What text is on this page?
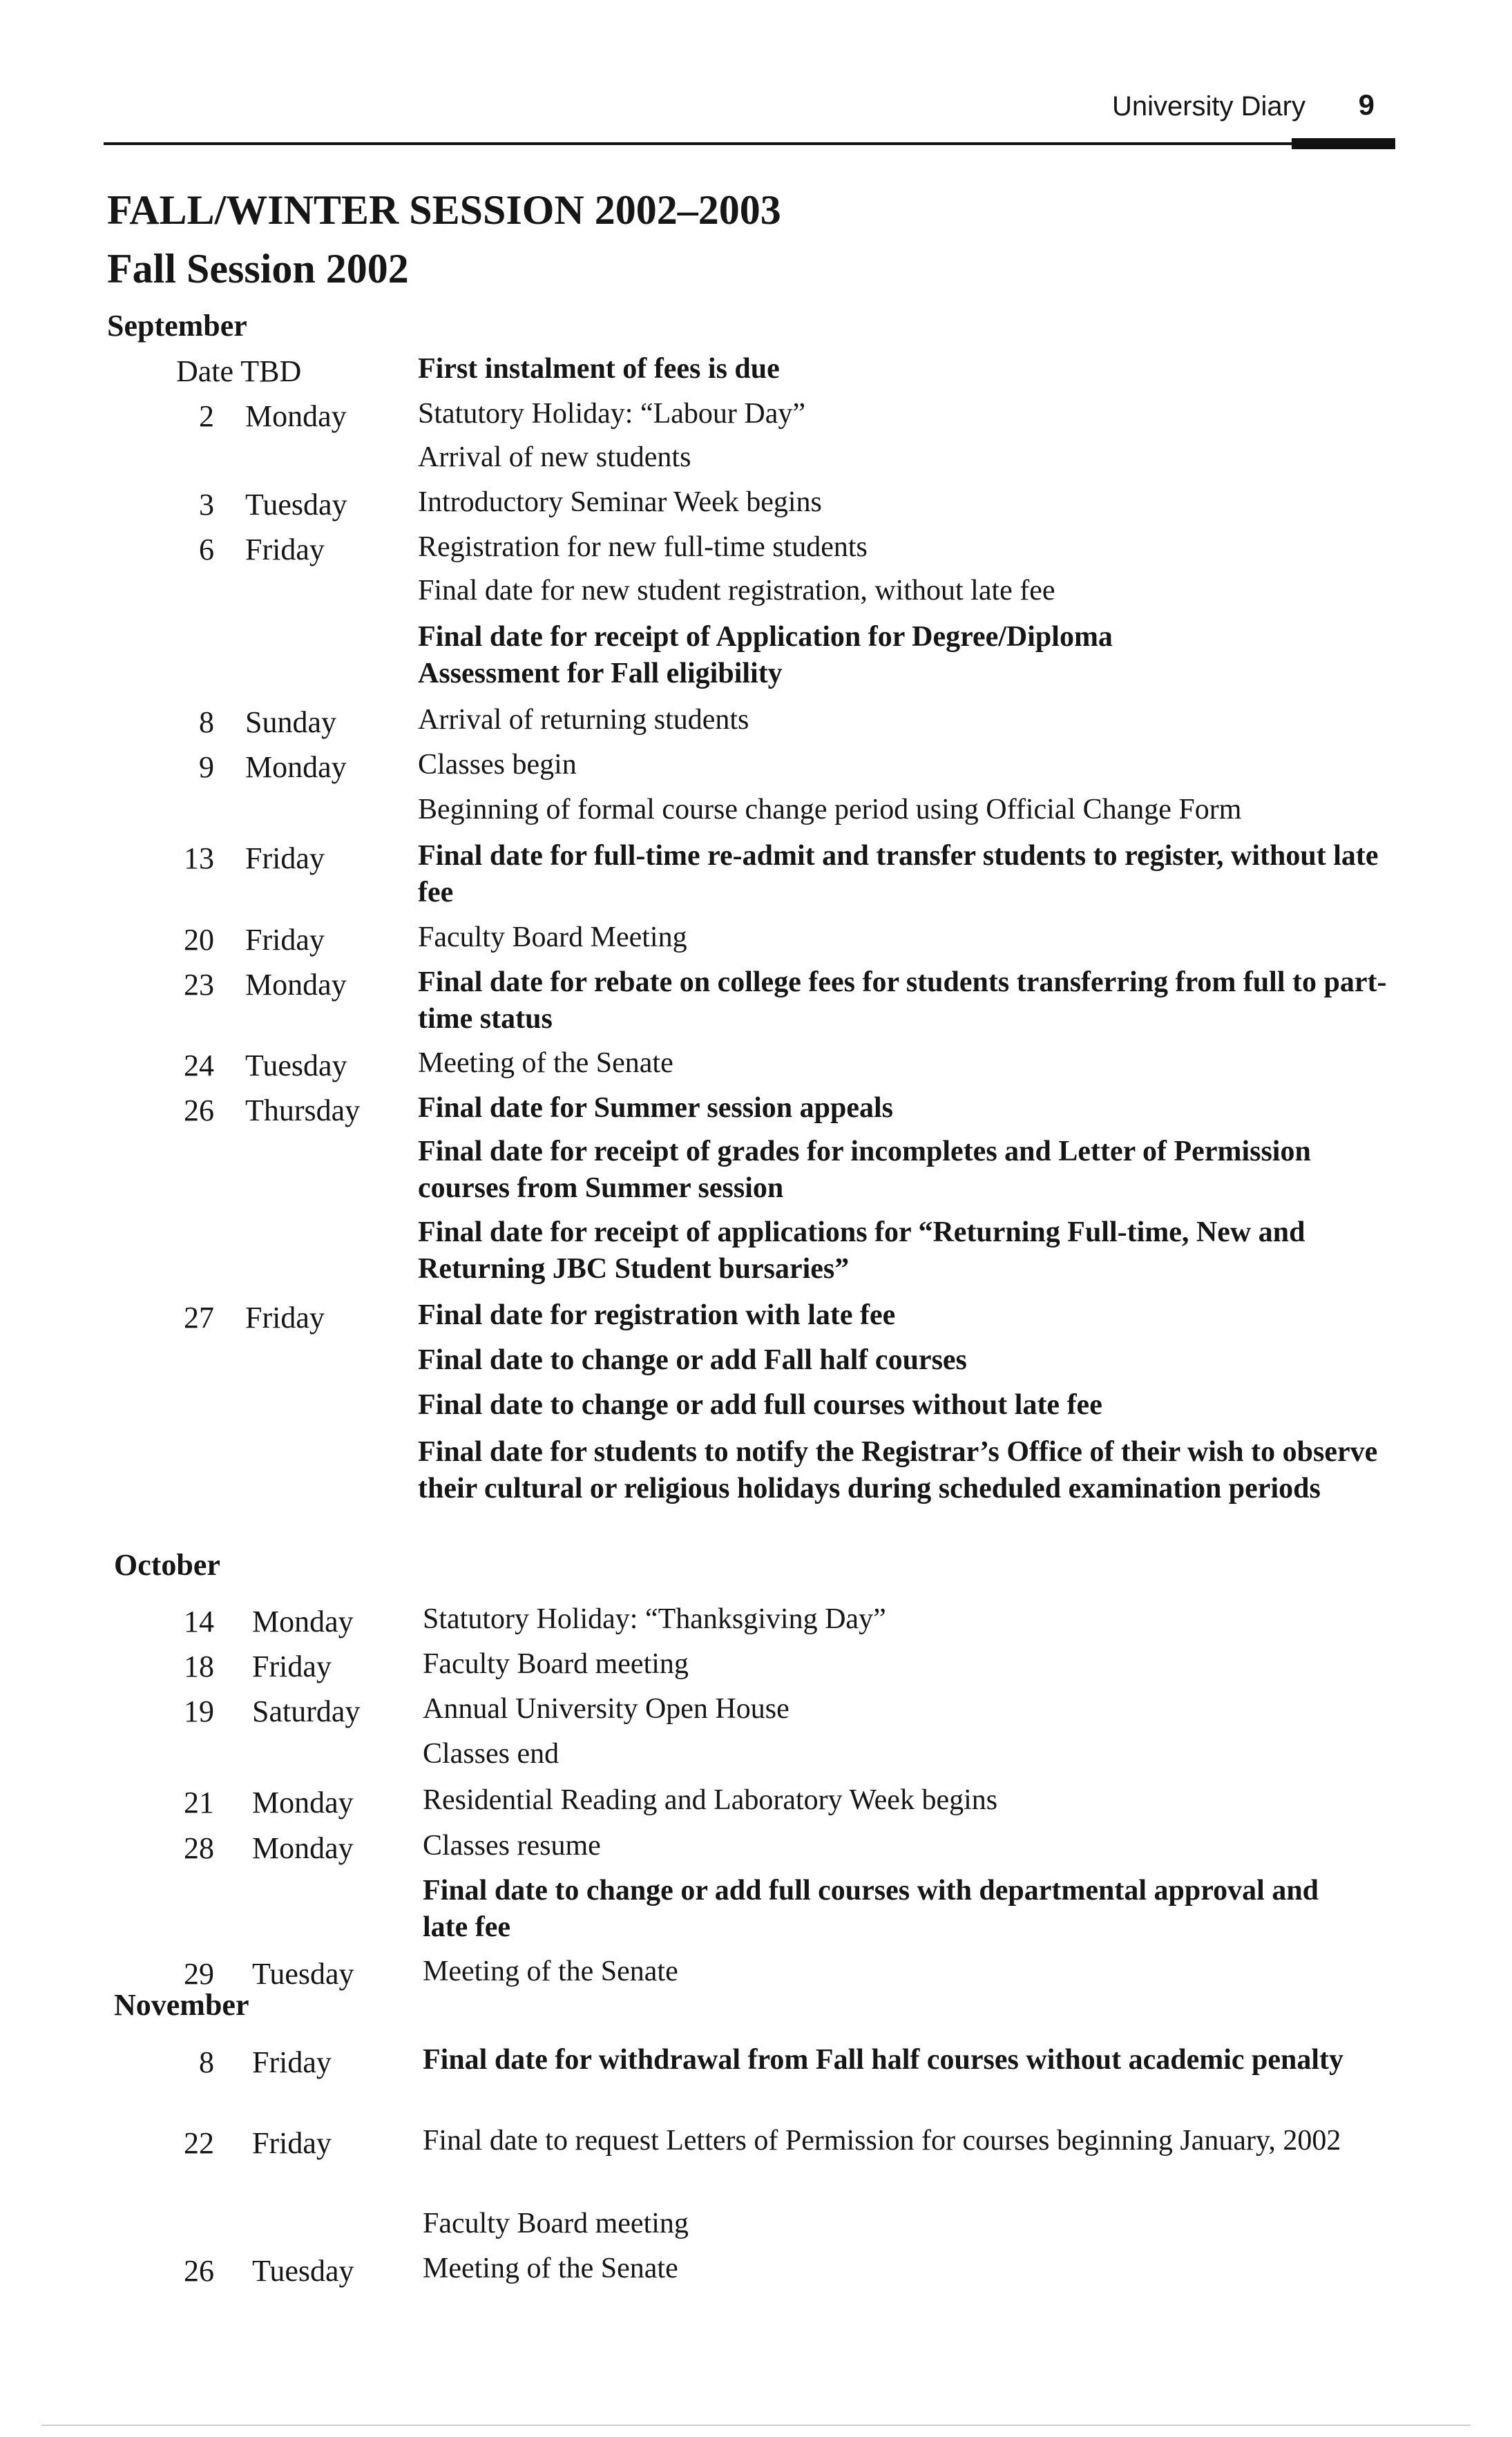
University Diary 9
FALL/WINTER SESSION 2002–2003
Fall Session 2002
September
October
November
Date TBD	First instalment of fees is due
2 Monday Statutory Holiday: “Labour Day”
Arrival of new students
3 Tuesday Introductory Seminar Week begins
6 Friday	Registration for new full-time students
Final date for new student registration, without late fee
Final date for receipt of Application for Degree/Diploma Assessment for Fall eligibility
8 Sunday	Arrival of returning students
9 Monday Classes begin
Beginning of formal course change period using Official Change Form
13 Friday	Final date for full-time re-admit and transfer students to register, without late fee
20 Friday	Faculty Board Meeting
23 Monday Final date for rebate on college fees for students transferring from full to part-time status
24 Tuesday Meeting of the Senate
26 Thursday Final date for Summer session appeals
Final date for receipt of grades for incompletes and Letter of Permission courses from Summer session
Final date for receipt of applications for “Returning Full-time, New and Returning JBC Student bursaries”
27 Friday	Final date for registration with late fee
Final date to change or add Fall half courses
Final date to change or add full courses without late fee
Final date for students to notify the Registrar’s Office of their wish to observe their cultural or religious holidays during scheduled examination periods
14 Monday Statutory Holiday: “Thanksgiving Day”
18 Friday	Faculty Board meeting
19 Saturday Annual University Open House
Classes end
21 Monday Residential Reading and Laboratory Week begins
28 Monday Classes resume
Final date to change or add full courses with departmental approval and late fee
29 Tuesday Meeting of the Senate
8 Friday	Final date for withdrawal from Fall half courses without academic penalty
22 Friday	Final date to request Letters of Permission for courses beginning January, 2002
Faculty Board meeting
26 Tuesday Meeting of the Senate
